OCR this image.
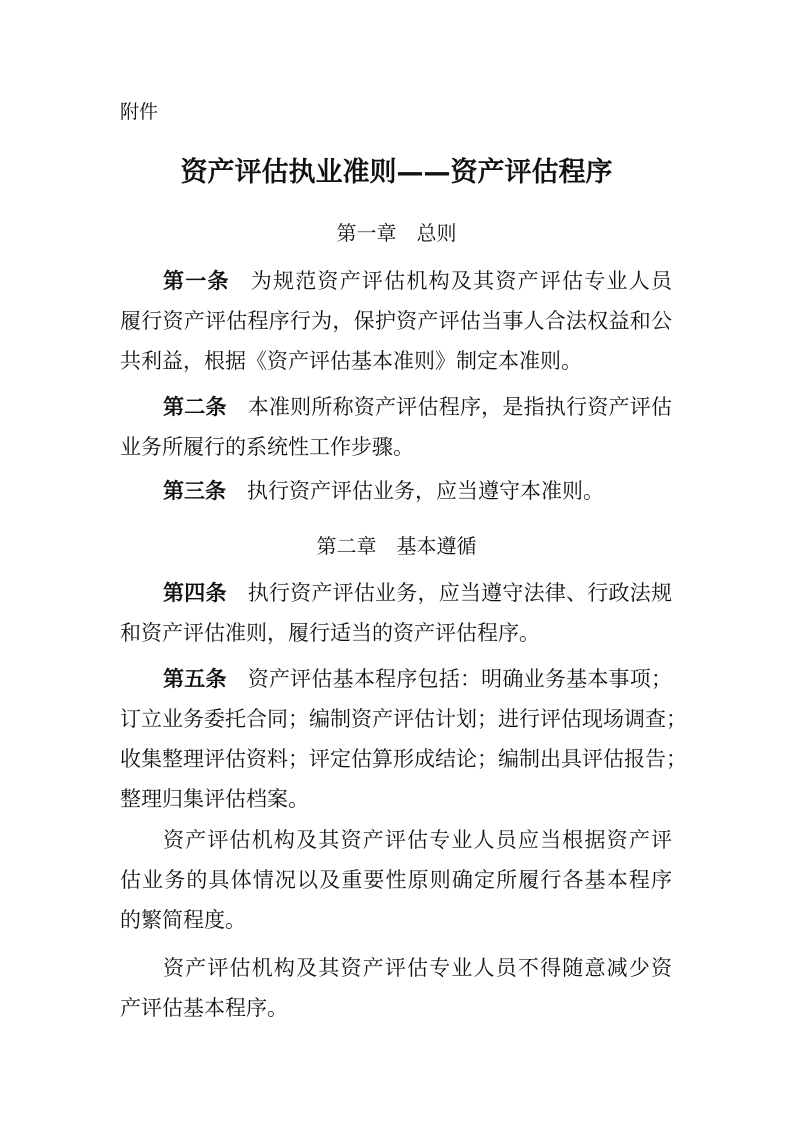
附件
资产评估执业准则——资产评估程序
第一章　总则
第一条 为规范资产评估机构及其资产评估专业人员
履行资产评估程序行为，保护资产评估当事人合法权益和公
共利益，根据《资产评估基本准则》制定本准则。
第二条 本准则所称资产评估程序，是指执行资产评估
业务所履行的系统性工作步骤。
第三条 执行资产评估业务，应当遵守本准则。
第二章　基本遵循
第四条 执行资产评估业务，应当遵守法律、行政法规
和资产评估准则，履行适当的资产评估程序。
第五条 资产评估基本程序包括：明确业务基本事项；
订立业务委托合同；编制资产评估计划；进行评估现场调查；
收集整理评估资料；评定估算形成结论；编制出具评估报告；
整理归集评估档案。
资产评估机构及其资产评估专业人员应当根据资产评
估业务的具体情况以及重要性原则确定所履行各基本程序
的繁简程度。
资产评估机构及其资产评估专业人员不得随意减少资
产评估基本程序。
